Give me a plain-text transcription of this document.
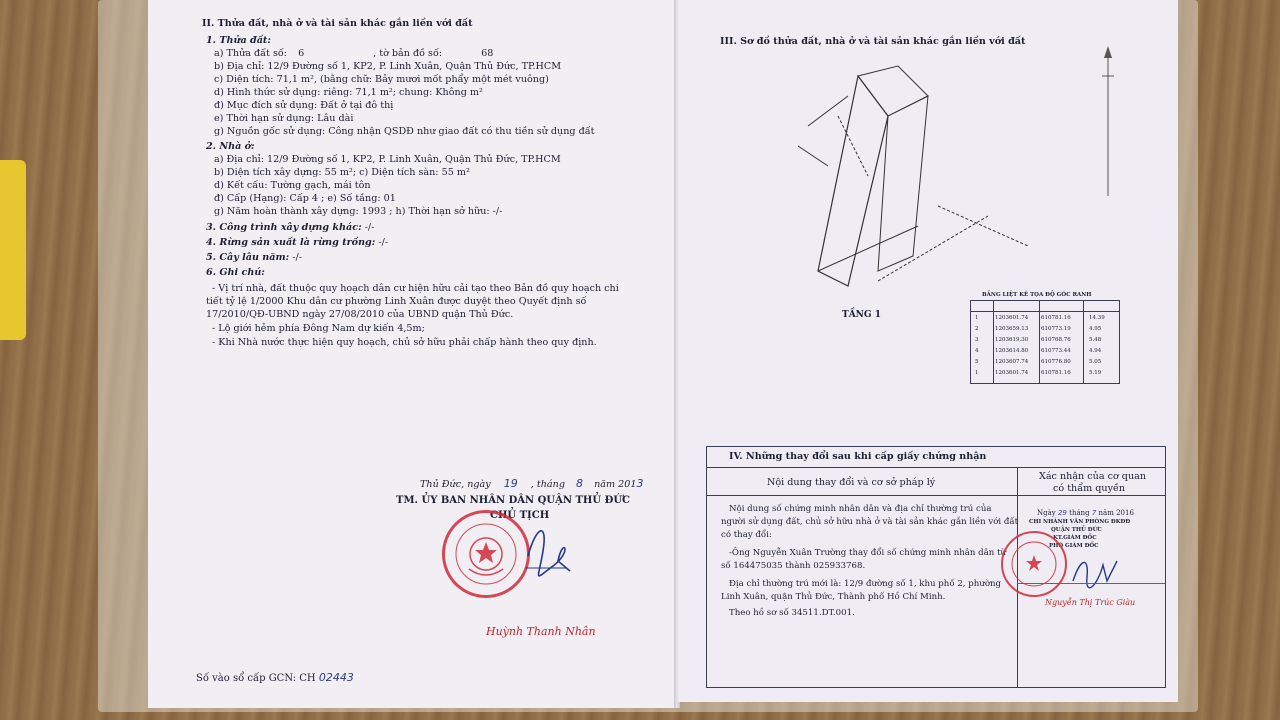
II. Thửa đất, nhà ở và tài sản khác gắn liền với đất
1. Thửa đất:
a) Thửa đất số: 6	, tờ bản đồ số:	68
b) Địa chỉ: 12/9 Đường số 1, KP2, P. Linh Xuân, Quận Thủ Đức, TP.HCM
c) Diện tích: 71,1 m², (bằng chữ: Bảy mươi mốt phẩy một mét vuông)
d) Hình thức sử dụng: riêng: 71,1 m²; chung: Không m²
đ) Mục đích sử dụng: Đất ở tại đô thị
e) Thời hạn sử dụng: Lâu dài
g) Nguồn gốc sử dụng: Công nhận QSDĐ như giao đất có thu tiền sử dụng đất
2. Nhà ở:
a) Địa chỉ: 12/9 Đường số 1, KP2, P. Linh Xuân, Quận Thủ Đức, TP.HCM
b) Diện tích xây dựng: 55 m²; c) Diện tích sàn: 55 m²
d) Kết cấu: Tường gạch, mái tôn
đ) Cấp (Hạng): Cấp 4 ; e) Số tầng: 01
g) Năm hoàn thành xây dựng: 1993 ; h) Thời hạn sở hữu: -/-
3. Công trình xây dựng khác: -/-
4. Rừng sản xuất là rừng trồng: -/-
5. Cây lâu năm: -/-
6. Ghi chú:
- Vị trí nhà, đất thuộc quy hoạch dân cư hiện hữu cải tạo theo Bản đồ quy hoạch chi
tiết tỷ lệ 1/2000 Khu dân cư phường Linh Xuân được duyệt theo Quyết định số
17/2010/QĐ-UBND ngày 27/08/2010 của UBND quận Thủ Đức.
- Lộ giới hẻm phía Đông Nam dự kiến 4,5m;
- Khi Nhà nước thực hiện quy hoạch, chủ sở hữu phải chấp hành theo quy định.
Thủ Đức, ngày 19 , tháng 8 năm 2013
TM. ỦY BAN NHÂN DÂN QUẬN THỦ ĐỨC
CHỦ TỊCH
Huỳnh Thanh Nhân
Số vào sổ cấp GCN: CH 02443
III. Sơ đồ thửa đất, nhà ở và tài sản khác gắn liền với đất
TẦNG 1
BẢNG LIỆT KÊ TỌA ĐỘ GÓC RANH
1	1203601.74 610781.16	14.39
2	1203659.13 610773.19	4.95
3	1203619.30 610768.76	5.48
4	1203614.80 610773.44	4.94
5	1203607.74 610776.80	5.05
1	1203601.74 610781.16	5.19
IV. Những thay đổi sau khi cấp giấy chứng nhận
Nội dung thay đổi và cơ sở pháp lý
Xác nhận của cơ quan
có thẩm quyền
Nội dung số chứng minh nhân dân và địa chỉ thường trú của
người sử dụng đất, chủ sở hữu nhà ở và tài sản khác gắn liền với đất
có thay đổi:
-Ông Nguyễn Xuân Trường thay đổi số chứng minh nhân dân từ
số 164475035 thành 025933768.
Địa chỉ thường trú mới là: 12/9 đường số 1, khu phố 2, phường
Linh Xuân, quận Thủ Đức, Thành phố Hồ Chí Minh.
Theo hồ sơ số 34511.DT.001.
Ngày 29 tháng 7 năm 2016
CHI NHÁNH VĂN PHÒNG ĐKĐĐ
QUẬN THỦ ĐỨC
KT.GIÁM ĐỐC
PHÓ GIÁM ĐỐC
Nguyễn Thị Trúc Giàu
